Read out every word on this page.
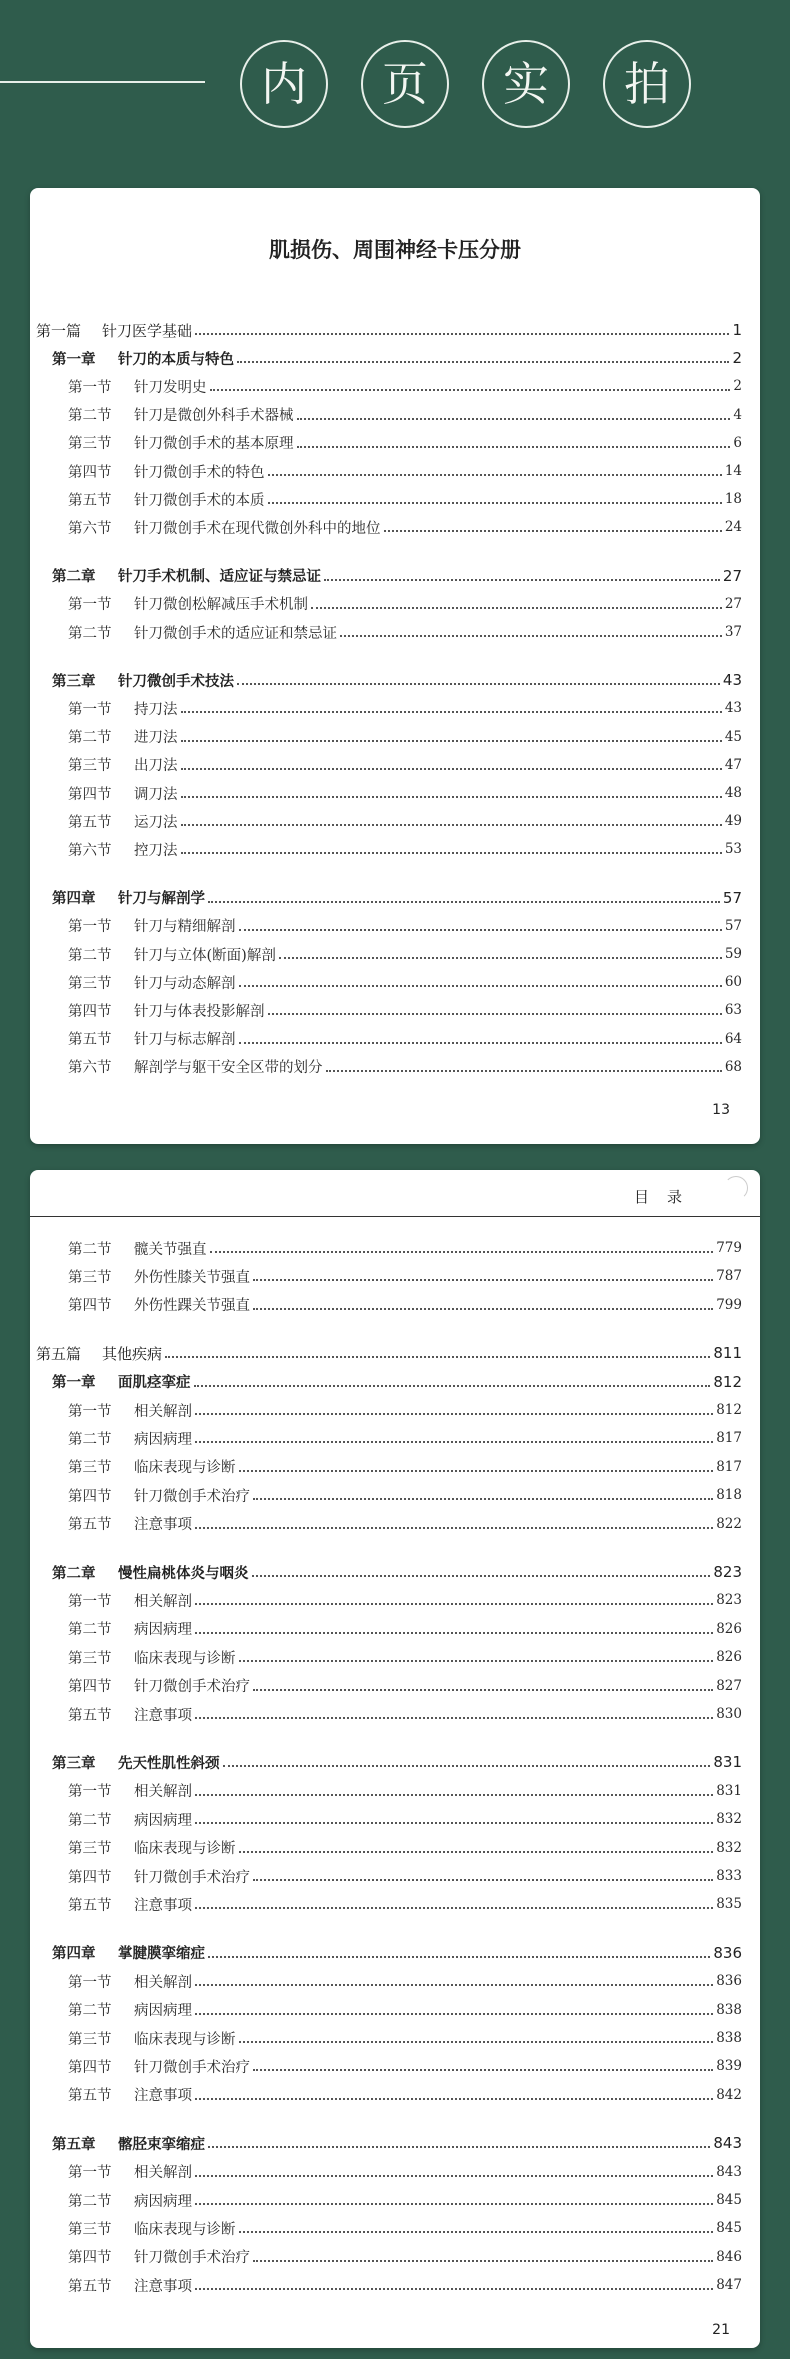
内	页	实	拍
肌损伤、周围神经卡压分册
第一篇	针刀医学基础	1
第一章	针刀的本质与特色	2
第一节	针刀发明史	2
第二节	针刀是微创外科手术器械	4
第三节	针刀微创手术的基本原理	6
第四节	针刀微创手术的特色	14
第五节	针刀微创手术的本质	18
第六节	针刀微创手术在现代微创外科中的地位	24
第二章	针刀手术机制、适应证与禁忌证	27
第一节	针刀微创松解减压手术机制	27
第二节	针刀微创手术的适应证和禁忌证	37
第三章	针刀微创手术技法	43
第一节	持刀法	43
第二节	进刀法	45
第三节	出刀法	47
第四节	调刀法	48
第五节	运刀法	49
第六节	控刀法	53
第四章	针刀与解剖学	57
第一节	针刀与精细解剖	57
第二节	针刀与立体(断面)解剖	59
第三节	针刀与动态解剖	60
第四节	针刀与体表投影解剖	63
第五节	针刀与标志解剖	64
第六节	解剖学与躯干安全区带的划分	68
13
目录
第二节	髋关节强直	779
第三节	外伤性膝关节强直	787
第四节	外伤性踝关节强直	799
第五篇	其他疾病	811
第一章	面肌痉挛症	812
第一节	相关解剖	812
第二节	病因病理	817
第三节	临床表现与诊断	817
第四节	针刀微创手术治疗	818
第五节	注意事项	822
第二章	慢性扁桃体炎与咽炎	823
第一节	相关解剖	823
第二节	病因病理	826
第三节	临床表现与诊断	826
第四节	针刀微创手术治疗	827
第五节	注意事项	830
第三章	先天性肌性斜颈	831
第一节	相关解剖	831
第二节	病因病理	832
第三节	临床表现与诊断	832
第四节	针刀微创手术治疗	833
第五节	注意事项	835
第四章	掌腱膜挛缩症	836
第一节	相关解剖	836
第二节	病因病理	838
第三节	临床表现与诊断	838
第四节	针刀微创手术治疗	839
第五节	注意事项	842
第五章	髂胫束挛缩症	843
第一节	相关解剖	843
第二节	病因病理	845
第三节	临床表现与诊断	845
第四节	针刀微创手术治疗	846
第五节	注意事项	847
21
